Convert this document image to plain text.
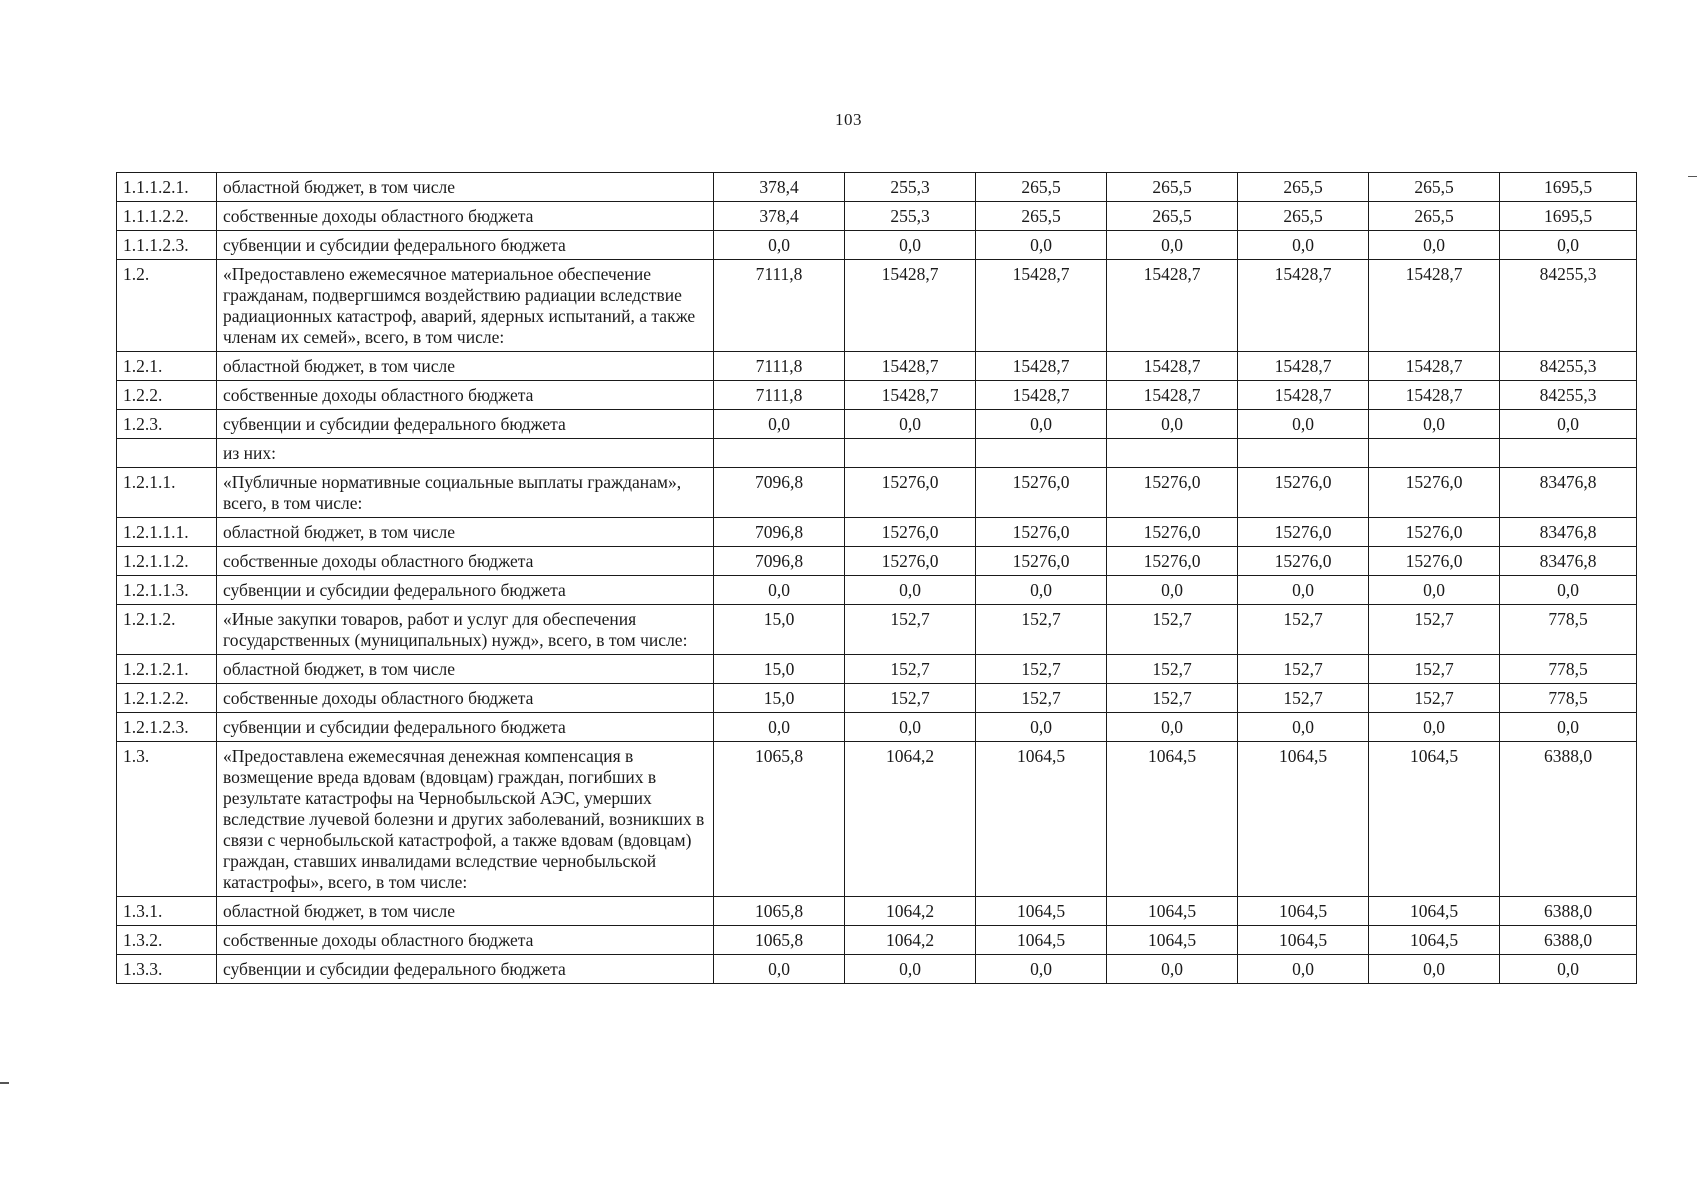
103
1.1.1.2.1.	областной бюджет, в том числе	378,4	255,3	265,5	265,5	265,5	265,5	1695,5
1.1.1.2.2.	собственные доходы областного бюджета	378,4	255,3	265,5	265,5	265,5	265,5	1695,5
1.1.1.2.3.	субвенции и субсидии федерального бюджета	0,0	0,0	0,0	0,0	0,0	0,0	0,0
1.2.	«Предоставлено ежемесячное материальное обеспечение гражданам, подвергшимся воздействию радиации вследствие радиационных катастроф, аварий, ядерных испытаний, а также членам их семей», всего, в том числе:	7111,8	15428,7	15428,7	15428,7	15428,7	15428,7	84255,3
1.2.1.	областной бюджет, в том числе	7111,8	15428,7	15428,7	15428,7	15428,7	15428,7	84255,3
1.2.2.	собственные доходы областного бюджета	7111,8	15428,7	15428,7	15428,7	15428,7	15428,7	84255,3
1.2.3.	субвенции и субсидии федерального бюджета	0,0	0,0	0,0	0,0	0,0	0,0	0,0
	из них:							
1.2.1.1.	«Публичные нормативные социальные выплаты гражданам», всего, в том числе:	7096,8	15276,0	15276,0	15276,0	15276,0	15276,0	83476,8
1.2.1.1.1.	областной бюджет, в том числе	7096,8	15276,0	15276,0	15276,0	15276,0	15276,0	83476,8
1.2.1.1.2.	собственные доходы областного бюджета	7096,8	15276,0	15276,0	15276,0	15276,0	15276,0	83476,8
1.2.1.1.3.	субвенции и субсидии федерального бюджета	0,0	0,0	0,0	0,0	0,0	0,0	0,0
1.2.1.2.	«Иные закупки товаров, работ и услуг для обеспечения государственных (муниципальных) нужд», всего, в том числе:	15,0	152,7	152,7	152,7	152,7	152,7	778,5
1.2.1.2.1.	областной бюджет, в том числе	15,0	152,7	152,7	152,7	152,7	152,7	778,5
1.2.1.2.2.	собственные доходы областного бюджета	15,0	152,7	152,7	152,7	152,7	152,7	778,5
1.2.1.2.3.	субвенции и субсидии федерального бюджета	0,0	0,0	0,0	0,0	0,0	0,0	0,0
1.3.	«Предоставлена ежемесячная денежная компенсация в возмещение вреда вдовам (вдовцам) граждан, погибших в результате катастрофы на Чернобыльской АЭС, умерших вследствие лучевой болезни и других заболеваний, возникших в связи с чернобыльской катастрофой, а также вдовам (вдовцам) граждан, ставших инвалидами вследствие чернобыльской катастрофы», всего, в том числе:	1065,8	1064,2	1064,5	1064,5	1064,5	1064,5	6388,0
1.3.1.	областной бюджет, в том числе	1065,8	1064,2	1064,5	1064,5	1064,5	1064,5	6388,0
1.3.2.	собственные доходы областного бюджета	1065,8	1064,2	1064,5	1064,5	1064,5	1064,5	6388,0
1.3.3.	субвенции и субсидии федерального бюджета	0,0	0,0	0,0	0,0	0,0	0,0	0,0
